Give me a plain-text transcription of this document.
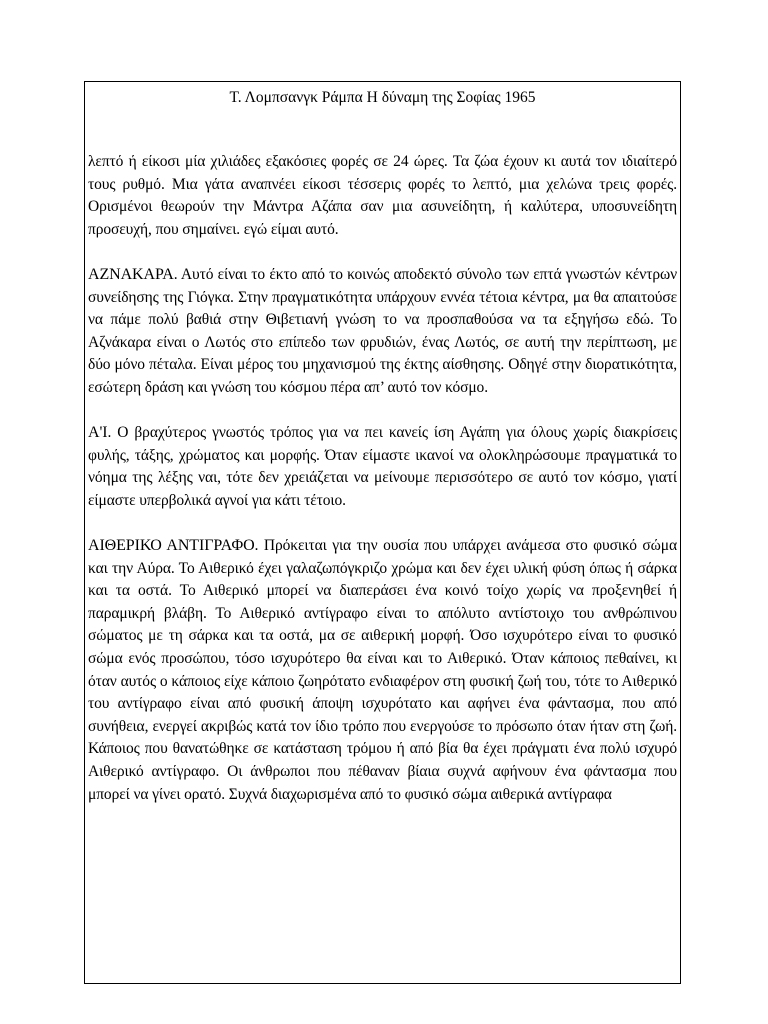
Τ. Λομπσανγκ Ράμπα Η δύναμη της Σοφίας 1965

λεπτό ή είκοσι μία χιλιάδες εξακόσιες φορές σε 24 ώρες. Τα ζώα έχουν κι αυτά τον ιδιαίτερό τους ρυθμό. Μια γάτα αναπνέει είκοσι τέσσερις φορές το λεπτό, μια χελώνα τρεις φορές. Ορισμένοι θεωρούν την Μάντρα Αζάπα σαν μια ασυνείδητη, ή καλύτερα, υποσυνείδητη προσευχή, που σημαίνει. εγώ είμαι αυτό.

ΑΖΝΑΚΑΡΑ. Αυτό είναι το έκτο από το κοινώς αποδεκτό σύνολο των επτά γνωστών κέντρων συνείδησης της Γιόγκα. Στην πραγματικότητα υπάρχουν εννέα τέτοια κέντρα, μα θα απαιτούσε να πάμε πολύ βαθιά στην Θιβετιανή γνώση το να προσπαθούσα να τα εξηγήσω εδώ. Το Αζνάκαρα είναι ο Λωτός στο επίπεδο των φρυδιών, ένας Λωτός, σε αυτή την περίπτωση, με δύο μόνο πέταλα. Είναι μέρος του μηχανισμού της έκτης αίσθησης. Οδηγέ στην διορατικότητα, εσώτερη δράση και γνώση του κόσμου πέρα απ’ αυτό τον κόσμο.

Α'Ι. Ο βραχύτερος γνωστός τρόπος για να πει κανείς ίση Αγάπη για όλους χωρίς διακρίσεις φυλής, τάξης, χρώματος και μορφής. Όταν είμαστε ικανοί να ολοκληρώσουμε πραγματικά το νόημα της λέξης ναι, τότε δεν χρειάζεται να μείνουμε περισσότερο σε αυτό τον κόσμο, γιατί είμαστε υπερβολικά αγνοί για κάτι τέτοιο.

ΑΙΘΕΡΙΚΟ ΑΝΤΙΓΡΑΦΟ. Πρόκειται για την ουσία που υπάρχει ανάμεσα στο φυσικό σώμα και την Αύρα. Το Αιθερικό έχει γαλαζωπόγκριζο χρώμα και δεν έχει υλική φύση όπως ή σάρκα και τα οστά. Το Αιθερικό μπορεί να διαπεράσει ένα κοινό τοίχο χωρίς να προξενηθεί ή παραμικρή βλάβη. Το Αιθερικό αντίγραφο είναι το απόλυτο αντίστοιχο του ανθρώπινου σώματος με τη σάρκα και τα οστά, μα σε αιθερική μορφή. Όσο ισχυρότερο είναι το φυσικό σώμα ενός προσώπου, τόσο ισχυρότερο θα είναι και το Αιθερικό. Όταν κάποιος πεθαίνει, κι όταν αυτός ο κάποιος είχε κάποιο ζωηρότατο ενδιαφέρον στη φυσική ζωή του, τότε το Αιθερικό του αντίγραφο είναι από φυσική άποψη ισχυρότατο και αφήνει ένα φάντασμα, που από συνήθεια, ενεργεί ακριβώς κατά τον ίδιο τρόπο που ενεργούσε το πρόσωπο όταν ήταν στη ζωή. Κάποιος που θανατώθηκε σε κατάσταση τρόμου ή από βία θα έχει πράγματι ένα πολύ ισχυρό Αιθερικό αντίγραφο. Οι άνθρωποι που πέθαναν βίαια συχνά αφήνουν ένα φάντασμα που μπορεί να γίνει ορατό. Συχνά διαχωρισμένα από το φυσικό σώμα αιθερικά αντίγραφα
